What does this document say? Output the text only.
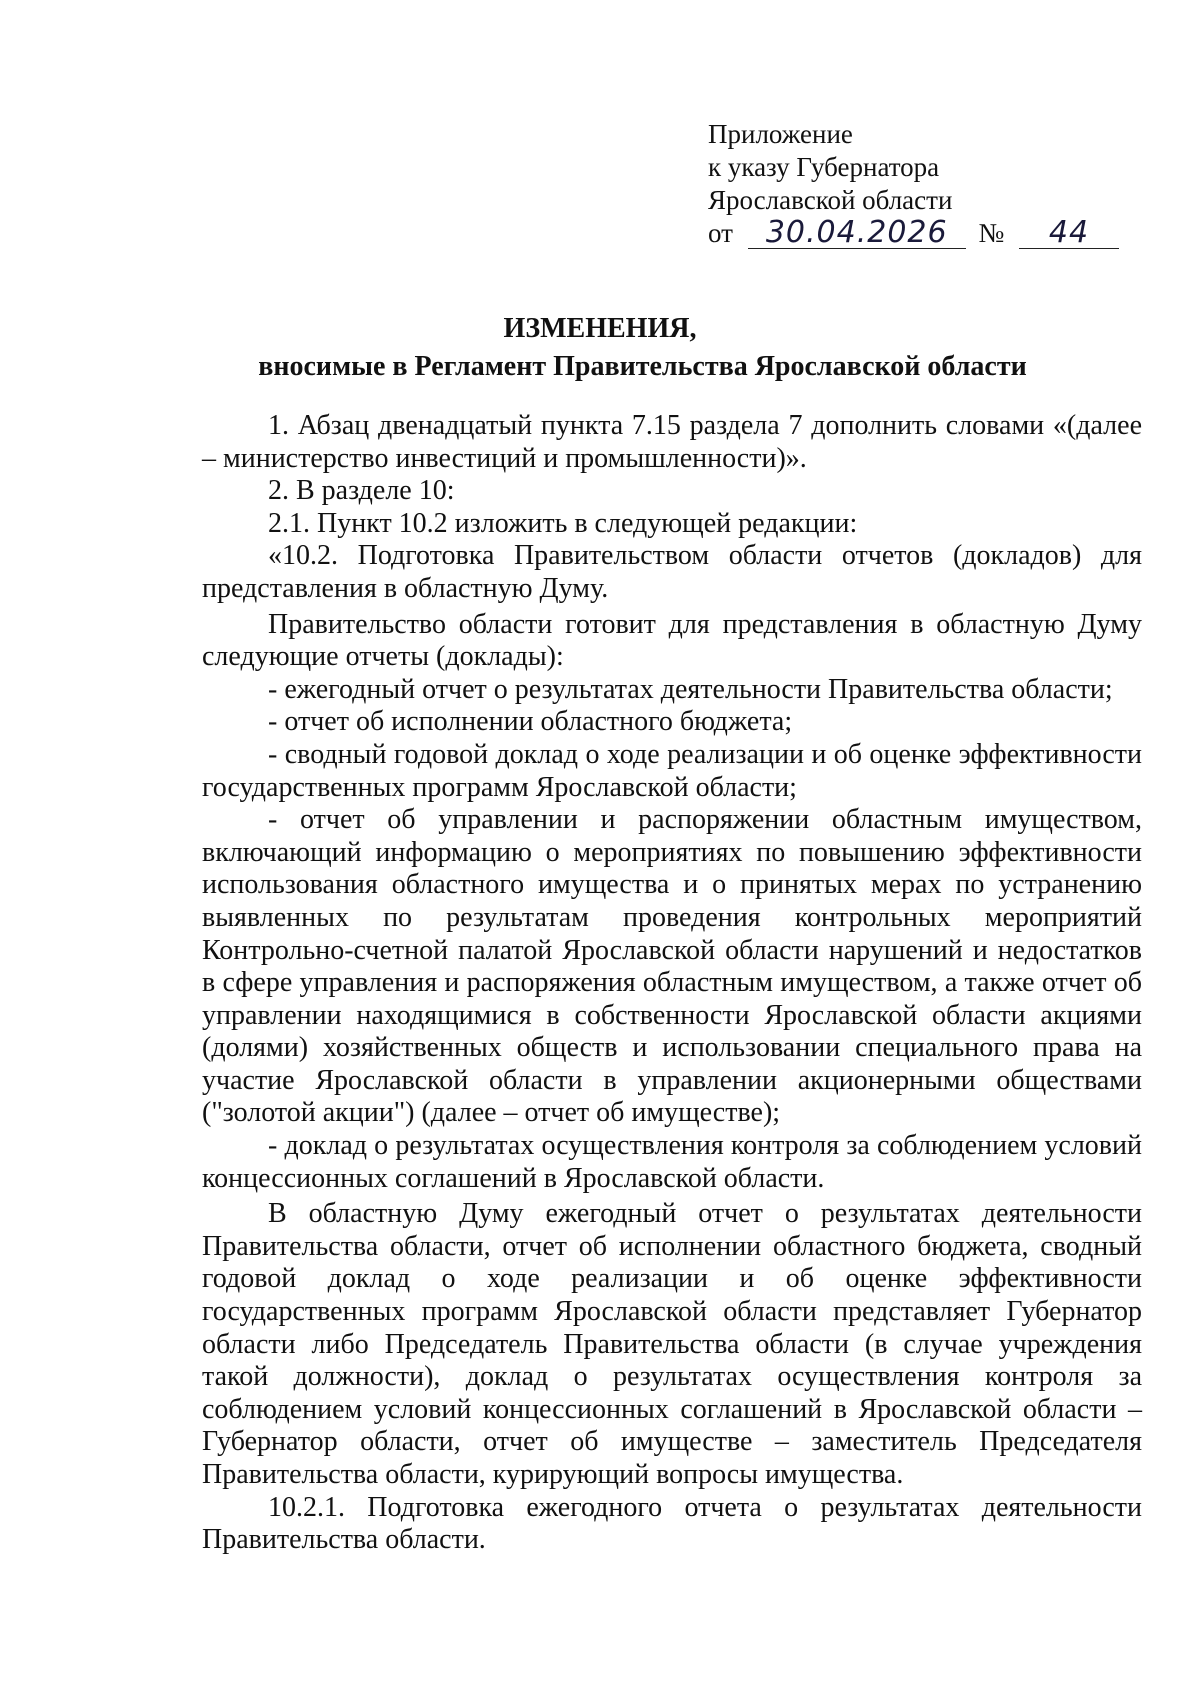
Приложение
к указу Губернатора
Ярославской области
от 30.04.2026 № 44
ИЗМЕНЕНИЯ,
вносимые в Регламент Правительства Ярославской области

1. Абзац двенадцатый пункта 7.15 раздела 7 дополнить словами «(далее – министерство инвестиций и промышленности)».

2. В разделе 10:

2.1. Пункт 10.2 изложить в следующей редакции:

«10.2. Подготовка Правительством области отчетов (докладов) для представления в областную Думу.

Правительство области готовит для представления в областную Думу следующие отчеты (доклады):

- ежегодный отчет о результатах деятельности Правительства области;

- отчет об исполнении областного бюджета;

- сводный годовой доклад о ходе реализации и об оценке эффективности государственных программ Ярославской области;

- отчет об управлении и распоряжении областным имуществом, включающий информацию о мероприятиях по повышению эффективности использования областного имущества и о принятых мерах по устранению выявленных по результатам проведения контрольных мероприятий Контрольно-счетной палатой Ярославской области нарушений и недостатков в сфере управления и распоряжения областным имуществом, а также отчет об управлении находящимися в собственности Ярославской области акциями (долями) хозяйственных обществ и использовании специального права на участие Ярославской области в управлении акционерными обществами ("золотой акции") (далее – отчет об имуществе);

- доклад о результатах осуществления контроля за соблюдением условий концессионных соглашений в Ярославской области.

В областную Думу ежегодный отчет о результатах деятельности Правительства области, отчет об исполнении областного бюджета, сводный годовой доклад о ходе реализации и об оценке эффективности государственных программ Ярославской области представляет Губернатор области либо Председатель Правительства области (в случае учреждения такой должности), доклад о результатах осуществления контроля за соблюдением условий концессионных соглашений в Ярославской области – Губернатор области, отчет об имуществе – заместитель Председателя Правительства области, курирующий вопросы имущества.

10.2.1. Подготовка ежегодного отчета о результатах деятельности Правительства области.
